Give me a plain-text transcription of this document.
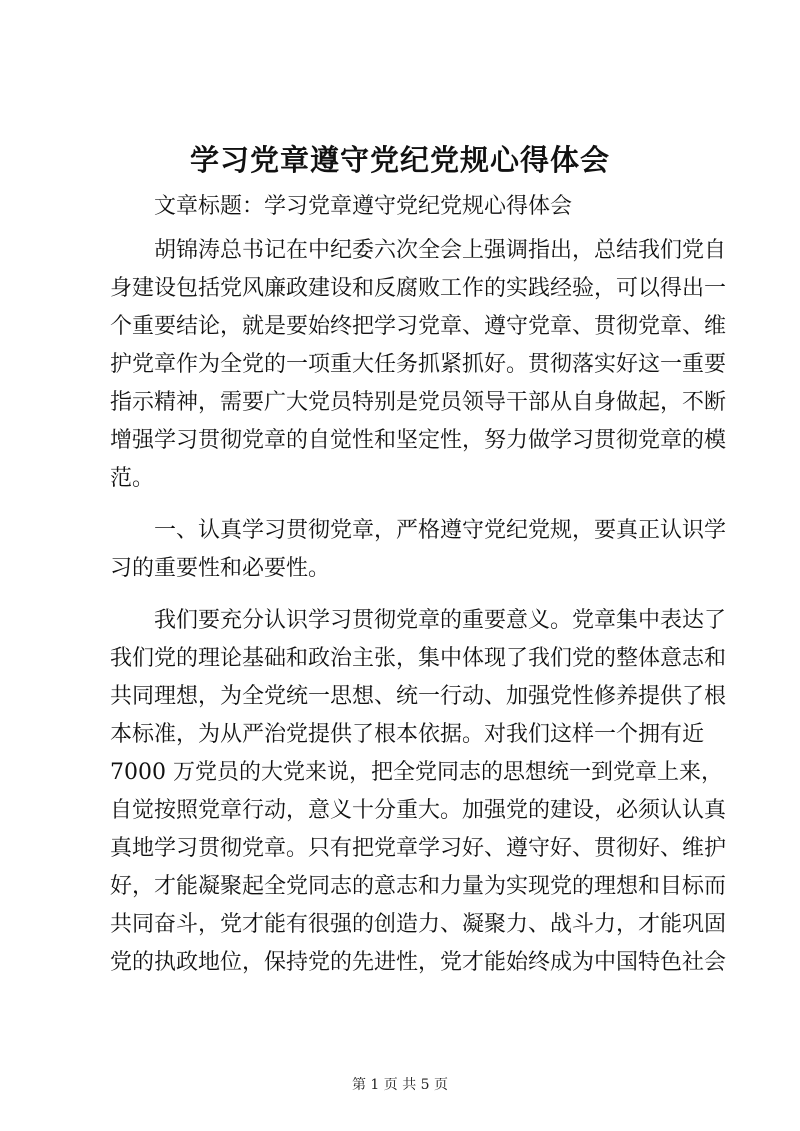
学习党章遵守党纪党规心得体会
文章标题：学习党章遵守党纪党规心得体会
胡锦涛总书记在中纪委六次全会上强调指出，总结我们党自
身建设包括党风廉政建设和反腐败工作的实践经验，可以得出一
个重要结论，就是要始终把学习党章、遵守党章、贯彻党章、维
护党章作为全党的一项重大任务抓紧抓好。贯彻落实好这一重要
指示精神，需要广大党员特别是党员领导干部从自身做起，不断
增强学习贯彻党章的自觉性和坚定性，努力做学习贯彻党章的模
范。
一、认真学习贯彻党章，严格遵守党纪党规，要真正认识学
习的重要性和必要性。
我们要充分认识学习贯彻党章的重要意义。党章集中表达了
我们党的理论基础和政治主张，集中体现了我们党的整体意志和
共同理想，为全党统一思想、统一行动、加强党性修养提供了根
本标准，为从严治党提供了根本依据。对我们这样一个拥有近
7000 万党员的大党来说，把全党同志的思想统一到党章上来，
自觉按照党章行动，意义十分重大。加强党的建设，必须认认真
真地学习贯彻党章。只有把党章学习好、遵守好、贯彻好、维护
好，才能凝聚起全党同志的意志和力量为实现党的理想和目标而
共同奋斗，党才能有很强的创造力、凝聚力、战斗力，才能巩固
党的执政地位，保持党的先进性，党才能始终成为中国特色社会
第 1 页 共 5 页
